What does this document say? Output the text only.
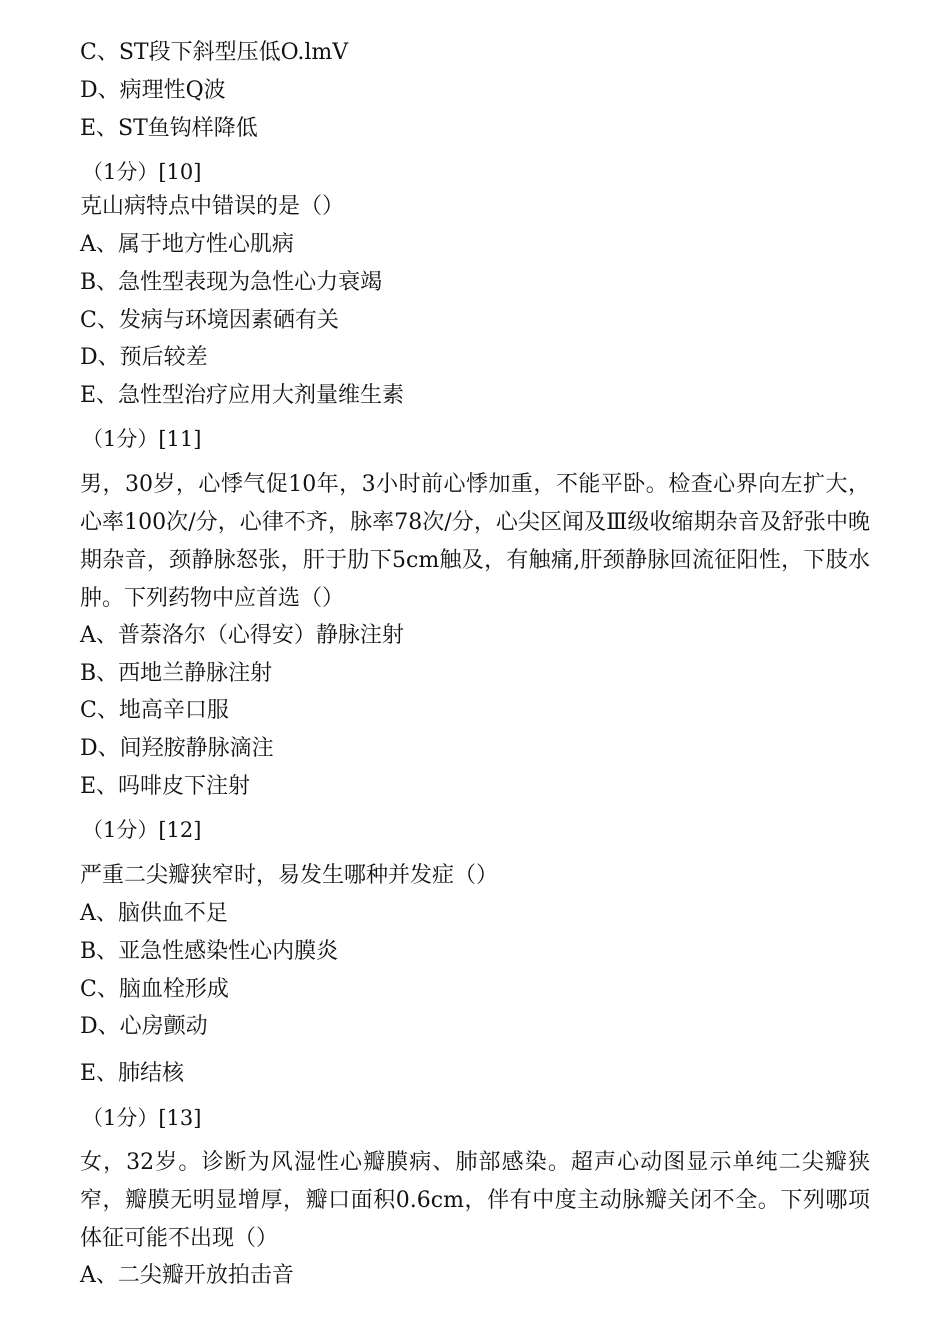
C、ST段下斜型压低O.lmV
D、病理性Q波
E、ST鱼钩样降低
（1分）[10]
克山病特点中错误的是（）
A、属于地方性心肌病
B、急性型表现为急性心力衰竭
C、发病与环境因素硒有关
D、预后较差
E、急性型治疗应用大剂量维生素
（1分）[11]
男，30岁，心悸气促10年，3小时前心悸加重，不能平卧。检查心界向左扩大，心率100次/分，心律不齐，脉率78次/分，心尖区闻及Ⅲ级收缩期杂音及舒张中晚期杂音，颈静脉怒张，肝于肋下5cm触及，有触痛,肝颈静脉回流征阳性，下肢水肿。下列药物中应首选（）
A、普萘洛尔（心得安）静脉注射
B、西地兰静脉注射
C、地高辛口服
D、间羟胺静脉滴注
E、吗啡皮下注射
（1分）[12]
严重二尖瓣狭窄时，易发生哪种并发症（）
A、脑供血不足
B、亚急性感染性心内膜炎
C、脑血栓形成
D、心房颤动
E、肺结核
（1分）[13]
女，32岁。诊断为风湿性心瓣膜病、肺部感染。超声心动图显示单纯二尖瓣狭窄，瓣膜无明显增厚，瓣口面积0.6cm，伴有中度主动脉瓣关闭不全。下列哪项体征可能不出现（）
A、二尖瓣开放拍击音
